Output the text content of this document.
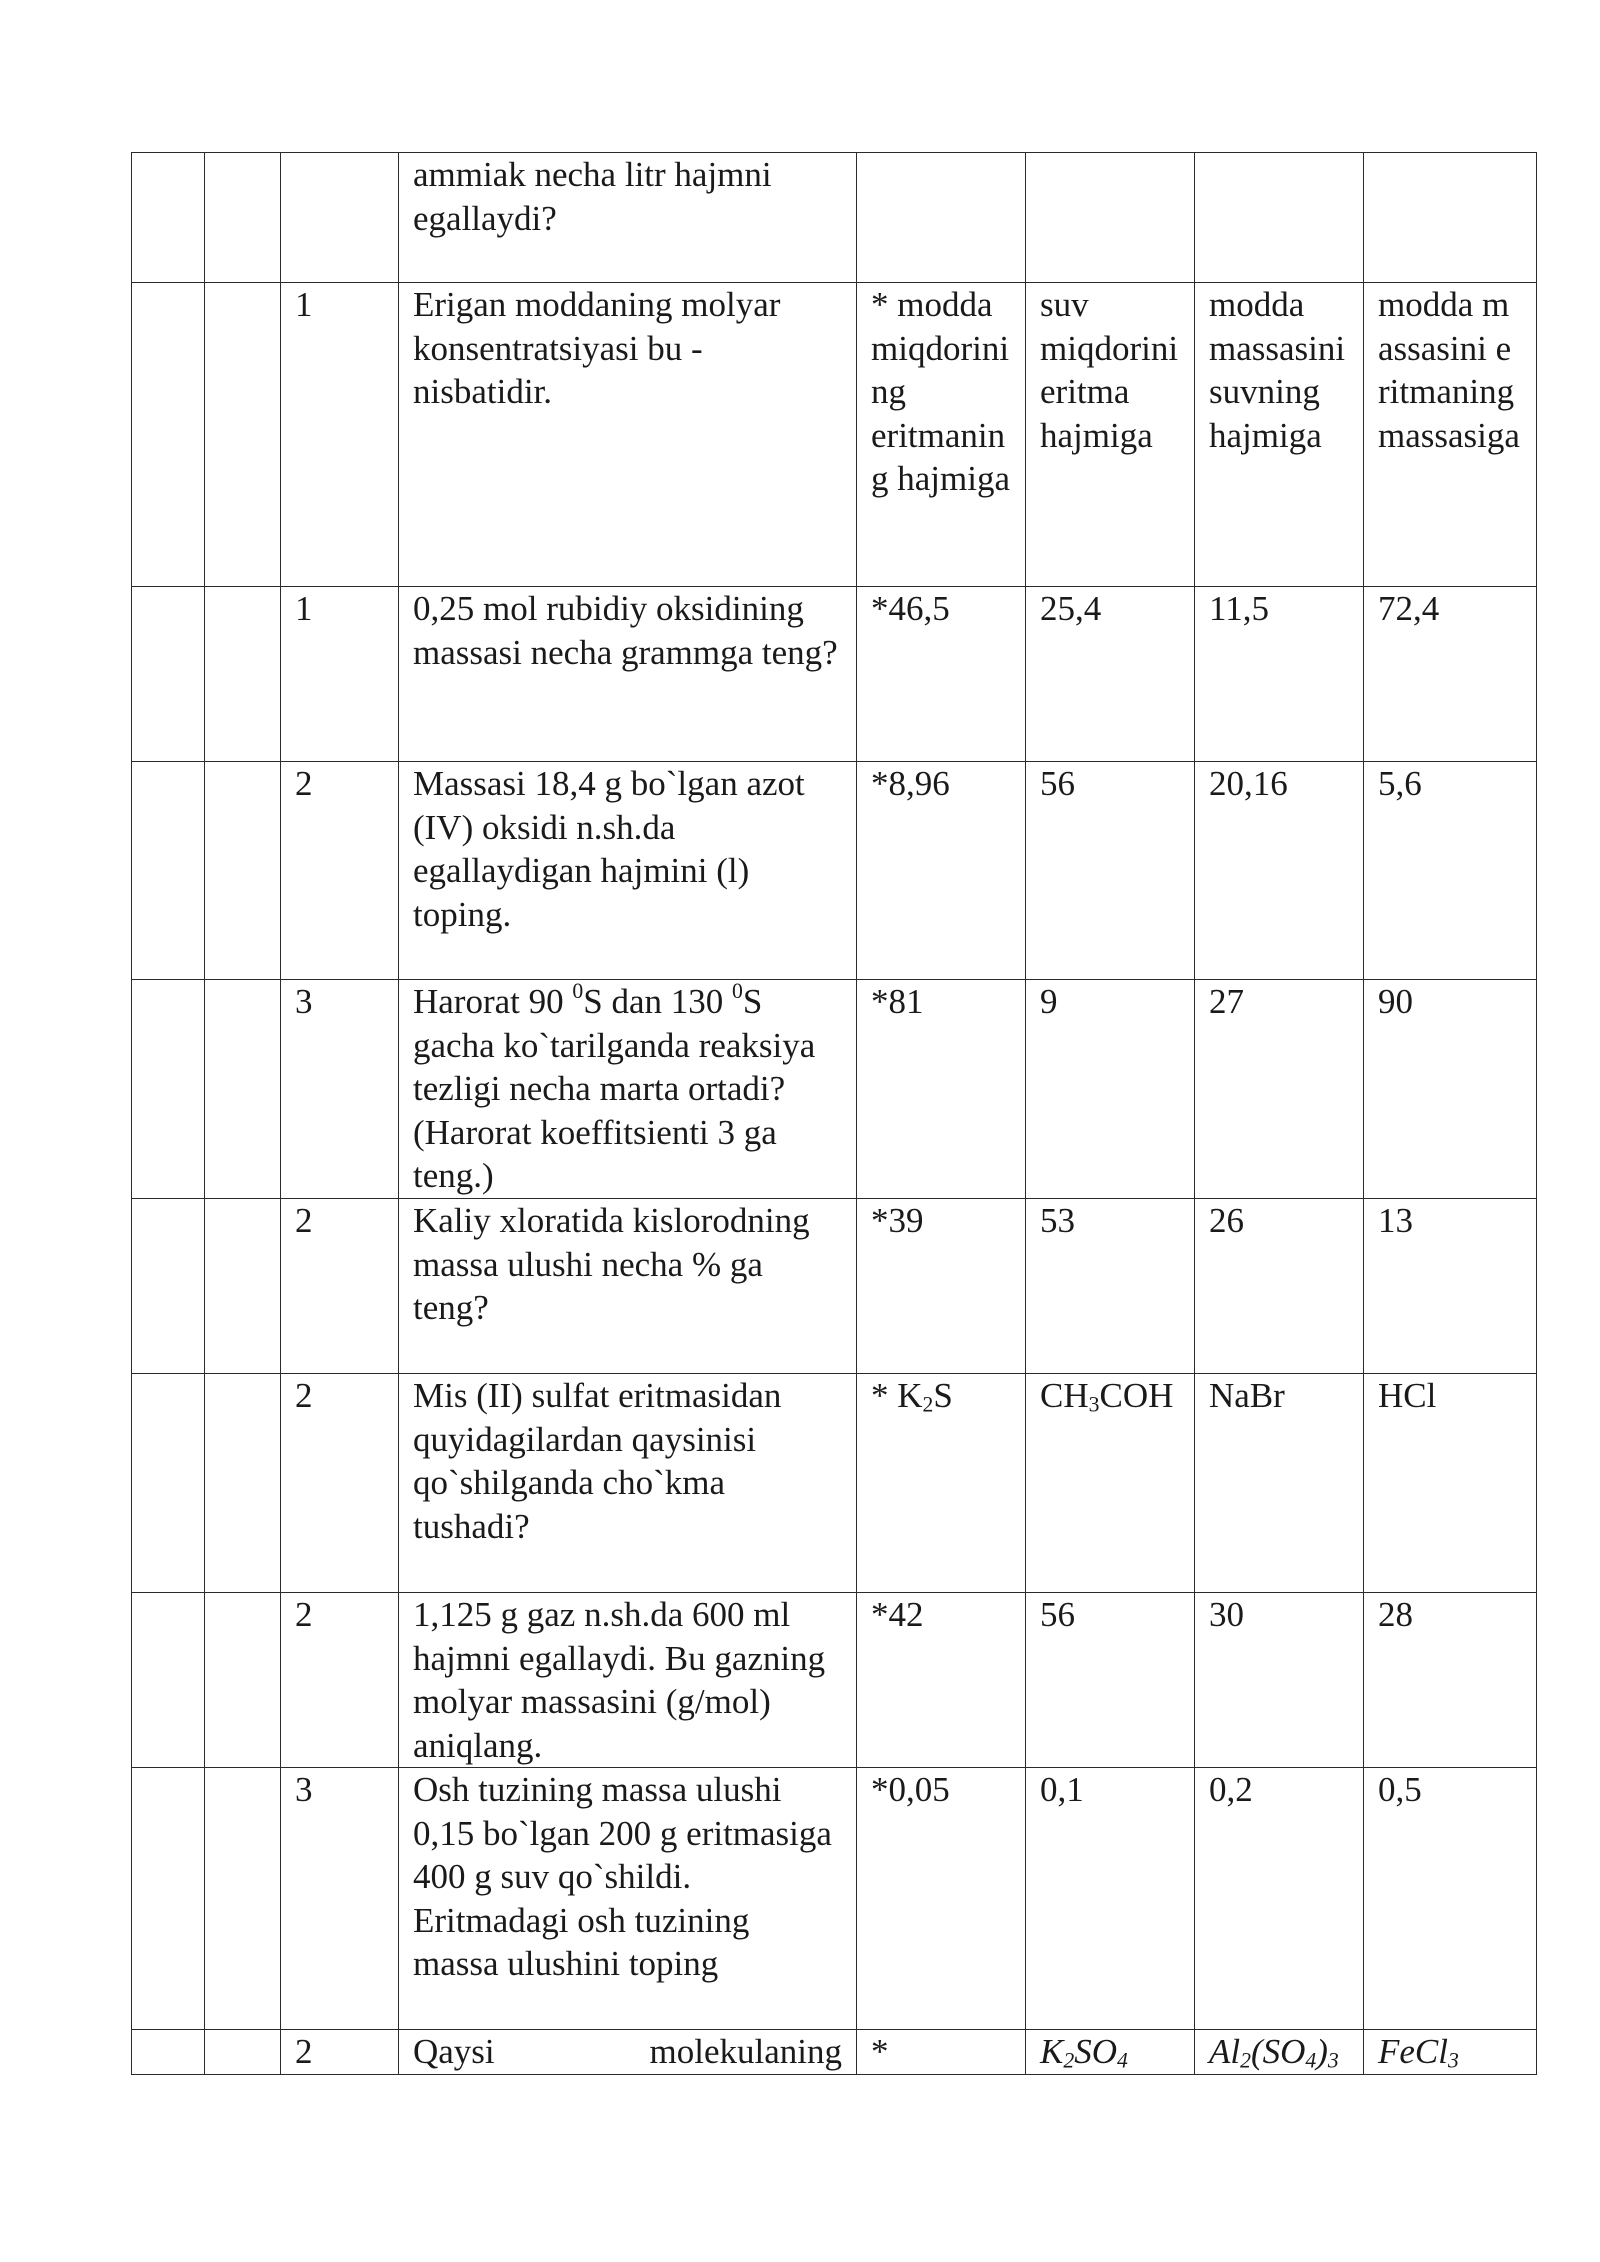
			ammiak necha litr hajmni egallaydi?				
		1	Erigan moddaning molyar konsentratsiyasi bu - nisbatidir.	* modda miqdorining eritmaning hajmiga	suv miqdorini eritma hajmiga	modda massasini suvning hajmiga	modda massasini eritmaning massasiga
		1	0,25 mol rubidiy oksidining massasi necha grammga teng?	*46,5	25,4	11,5	72,4
		2	Massasi 18,4 g bo`lgan azot (IV) oksidi n.sh.da egallaydigan hajmini (l) toping.	*8,96	56	20,16	5,6
		3	Harorat 90 $^0$S dan 130 $^0$S gacha ko`tarilganda reaksiya tezligi necha marta ortadi? (Harorat koeffitsienti 3 ga teng.)	*81	9	27	90
		2	Kaliy xloratida kislorodning massa ulushi necha % ga teng?	*39	53	26	13
		2	Mis (II) sulfat eritmasidan quyidagilardan qaysinisi qo`shilganda cho`kma tushadi?	* $K_2S$	$CH_3COH$	NaBr	HCl
		2	1,125 g gaz n.sh.da 600 ml hajmni egallaydi. Bu gazning molyar massasini (g/mol) aniqlang.	*42	56	30	28
		3	Osh tuzining massa ulushi 0,15 bo`lgan 200 g eritmasiga 400 g suv qo`shildi. Eritmadagi osh tuzining massa ulushini toping	*0,05	0,1	0,2	0,5
		2	Qaysi molekulaning	*	$K_2SO_4$	$Al_2(SO_4)_3$	FeCl$_3$
